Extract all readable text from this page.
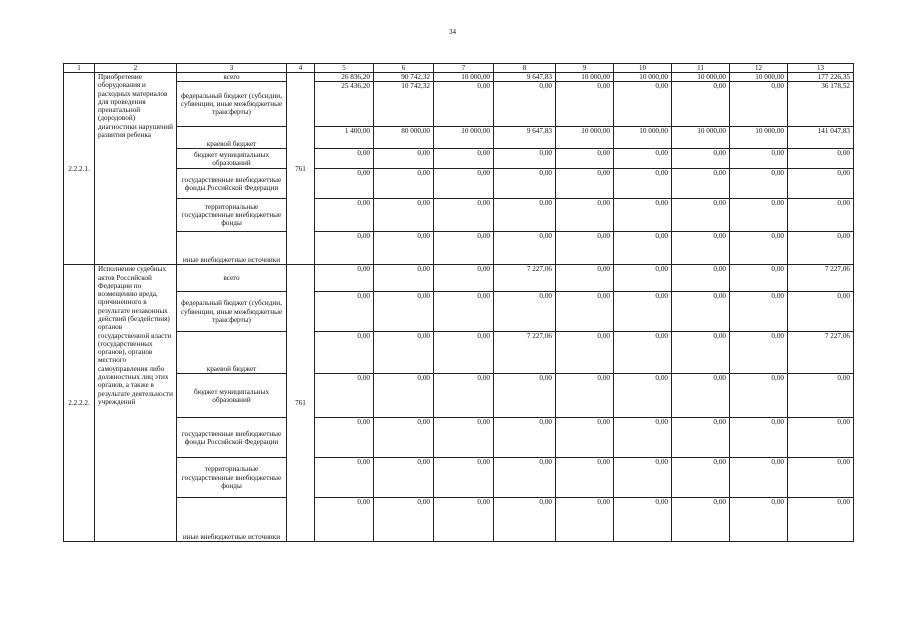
34
1	2	3	4	5	6	7	8	9	10	11	12	13
2.2.2.1.	Приобретение оборудования и расходных материалов для проведения пренатальной (дородовой) диагностики нарушений развития ребенка	всего	761	26 836,20	90 742,32	10 000,00	9 647,83	10 000,00	10 000,00	10 000,00	10 000,00	177 226,35
		федеральный бюджет (субсидии, субвенции, иные межбюджетные трансферты)		25 436,20	10 742,32	0,00	0,00	0,00	0,00	0,00	0,00	36 178,52
		краевой бюджет		1 400,00	80 000,00	10 000,00	9 647,83	10 000,00	10 000,00	10 000,00	10 000,00	141 047,83
		бюджет муниципальных образований		0,00	0,00	0,00	0,00	0,00	0,00	0,00	0,00	0,00
		государственные внебюджетные фонды Российской Федерации		0,00	0,00	0,00	0,00	0,00	0,00	0,00	0,00	0,00
		территориальные государственные внебюджетные фонды		0,00	0,00	0,00	0,00	0,00	0,00	0,00	0,00	0,00
		иные внебюджетные источники		0,00	0,00	0,00	0,00	0,00	0,00	0,00	0,00	0,00
2.2.2.2.	Исполнение судебных актов Российской Федерации по возмещению вреда, причиненного в результате незаконных действий (бездействия) органов государственной власти (государственных органов), органов местного самоуправления либо должностных лиц этих органов, а также в результате деятельности учреждений	всего	761	0,00	0,00	0,00	7 227,06	0,00	0,00	0,00	0,00	7 227,06
		федеральный бюджет (субсидии, субвенции, иные межбюджетные трансферты)		0,00	0,00	0,00	0,00	0,00	0,00	0,00	0,00	0,00
		краевой бюджет		0,00	0,00	0,00	7 227,06	0,00	0,00	0,00	0,00	7 227,06
		бюджет муниципальных образований		0,00	0,00	0,00	0,00	0,00	0,00	0,00	0,00	0,00
		государственные внебюджетные фонды Российской Федерации		0,00	0,00	0,00	0,00	0,00	0,00	0,00	0,00	0,00
		территориальные государственные внебюджетные фонды		0,00	0,00	0,00	0,00	0,00	0,00	0,00	0,00	0,00
		иные внебюджетные источники		0,00	0,00	0,00	0,00	0,00	0,00	0,00	0,00	0,00
